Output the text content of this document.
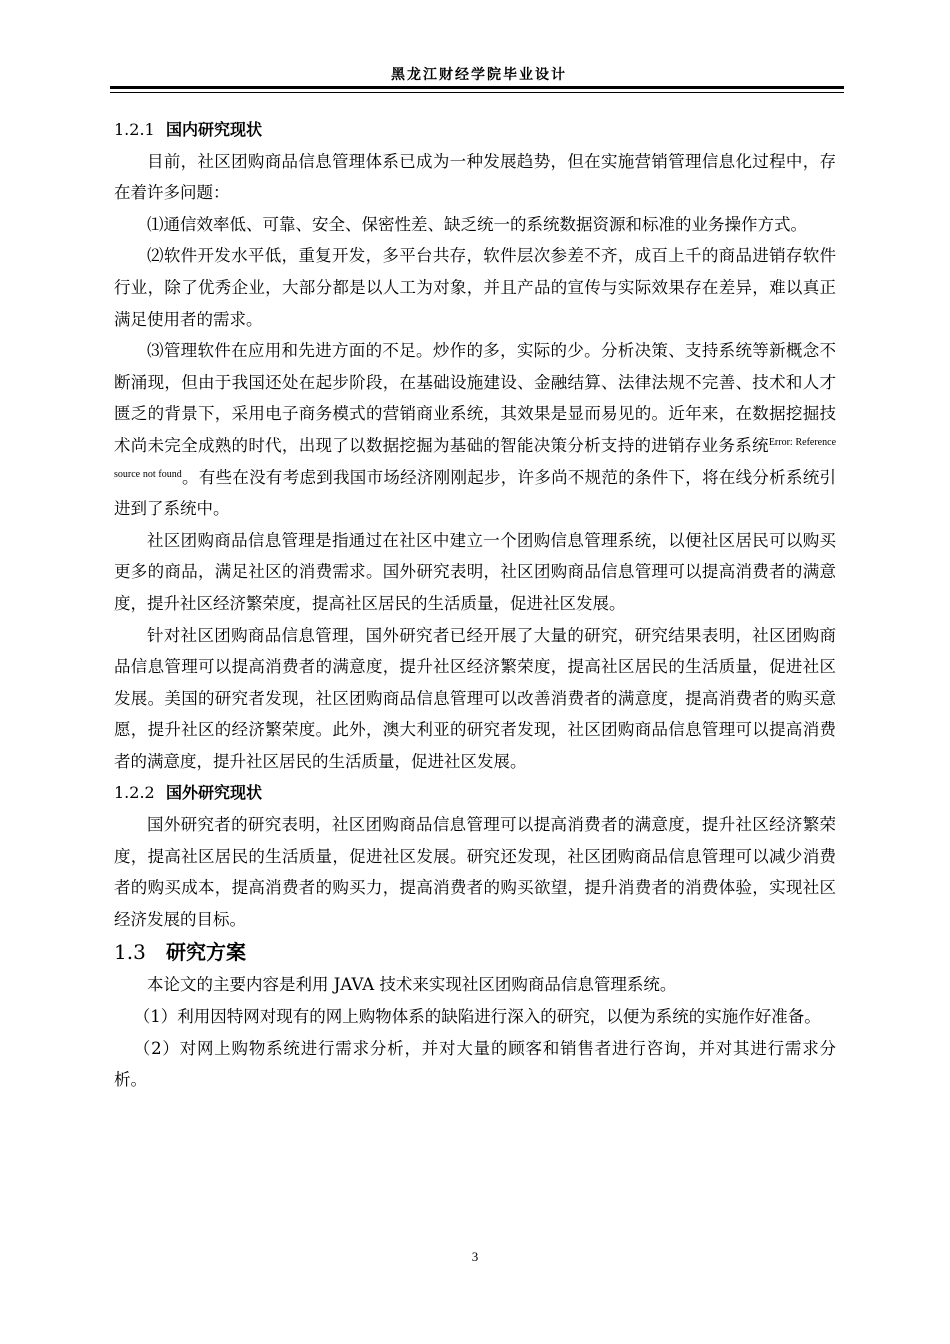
黑龙江财经学院毕业设计
1.2.1 国内研究现状

目前，社区团购商品信息管理体系已成为一种发展趋势，但在实施营销管理信息化过程中，存在着许多问题：

⑴通信效率低、可靠、安全、保密性差、缺乏统一的系统数据资源和标准的业务操作方式。

⑵软件开发水平低，重复开发，多平台共存，软件层次参差不齐，成百上千的商品进销存软件行业，除了优秀企业，大部分都是以人工为对象，并且产品的宣传与实际效果存在差异，难以真正满足使用者的需求。

⑶管理软件在应用和先进方面的不足。炒作的多，实际的少。分析决策、支持系统等新概念不断涌现，但由于我国还处在起步阶段，在基础设施建设、金融结算、法律法规不完善、技术和人才匮乏的背景下，采用电子商务模式的营销商业系统，其效果是显而易见的。近年来，在数据挖掘技术尚未完全成熟的时代，出现了以数据挖掘为基础的智能决策分析支持的进销存业务系统$^{Error: Reference source not found}$。有些在没有考虑到我国市场经济刚刚起步，许多尚不规范的条件下，将在线分析系统引进到了系统中。

社区团购商品信息管理是指通过在社区中建立一个团购信息管理系统，以便社区居民可以购买更多的商品，满足社区的消费需求。国外研究表明，社区团购商品信息管理可以提高消费者的满意度，提升社区经济繁荣度，提高社区居民的生活质量，促进社区发展。

针对社区团购商品信息管理，国外研究者已经开展了大量的研究，研究结果表明，社区团购商品信息管理可以提高消费者的满意度，提升社区经济繁荣度，提高社区居民的生活质量，促进社区发展。美国的研究者发现，社区团购商品信息管理可以改善消费者的满意度，提高消费者的购买意愿，提升社区的经济繁荣度。此外，澳大利亚的研究者发现，社区团购商品信息管理可以提高消费者的满意度，提升社区居民的生活质量，促进社区发展。

1.2.2 国外研究现状

国外研究者的研究表明，社区团购商品信息管理可以提高消费者的满意度，提升社区经济繁荣度，提高社区居民的生活质量，促进社区发展。研究还发现，社区团购商品信息管理可以减少消费者的购买成本，提高消费者的购买力，提高消费者的购买欲望，提升消费者的消费体验，实现社区经济发展的目标。

1.3 研究方案

本论文的主要内容是利用 JAVA 技术来实现社区团购商品信息管理系统。

（1）利用因特网对现有的网上购物体系的缺陷进行深入的研究，以便为系统的实施作好准备。

（2）对网上购物系统进行需求分析，并对大量的顾客和销售者进行咨询，并对其进行需求分析。

3
